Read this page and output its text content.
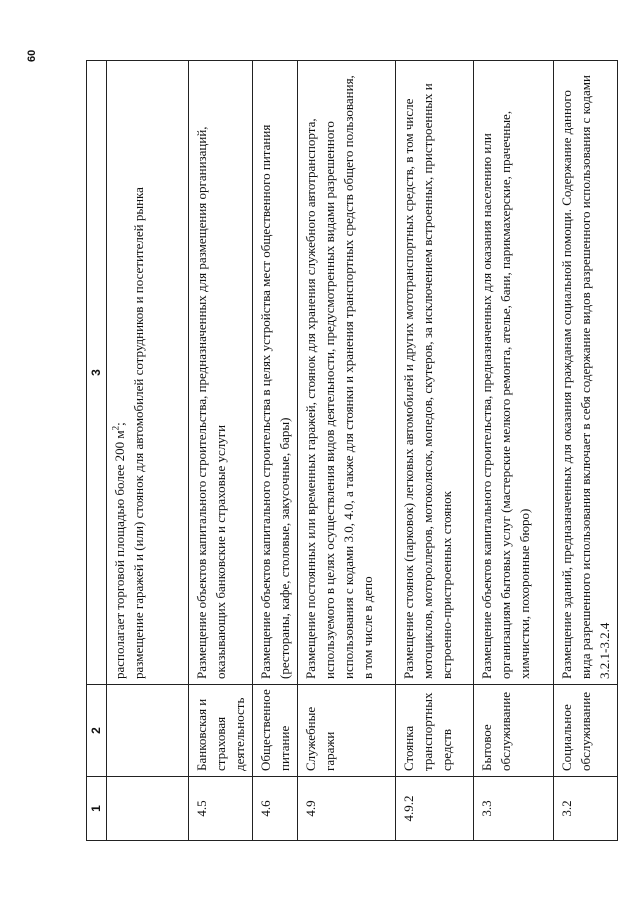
60
1	2	3

		располагает торговой площадью более 200 $м^2$; размещение гаражей и (или) стоянок для автомобилей сотрудников и посетителей рынка

4.5	Банковская и страховая деятельность	Размещение объектов капитального строительства, предназначенных для размещения организаций, оказывающих банковские и страховые услуги
4.6	Общественное питание	Размещение объектов капитального строительства в целях устройства мест общественного питания (рестораны, кафе, столовые, закусочные, бары)
4.9	Служебные гаражи	Размещение постоянных или временных гаражей, стоянок для хранения служебного автотранспорта, используемого в целях осуществления видов деятельности, предусмотренных видами разрешенного использования с кодами 3.0, 4.0, а также для стоянки и хранения транспортных средств общего пользования, в том числе в депо
4.9.2	Стоянка транспортных средств	Размещение стоянок (парковок) легковых автомобилей и других мототранспортных средств, в том числе мотоциклов, мотороллеров, мотоколясок, мопедов, скутеров, за исключением встроенных, пристроенных и встроенно-пристроенных стоянок
3.3	Бытовое обслуживание	Размещение объектов капитального строительства, предназначенных для оказания населению или организациям бытовых услуг (мастерские мелкого ремонта, ателье, бани, парикмахерские, прачечные, химчистки, похоронные бюро)
3.2	Социальное обслуживание	Размещение зданий, предназначенных для оказания гражданам социальной помощи. Содержание данного вида разрешенного использования включает в себя содержание видов разрешенного использования с кодами 3.2.1-3.2.4
